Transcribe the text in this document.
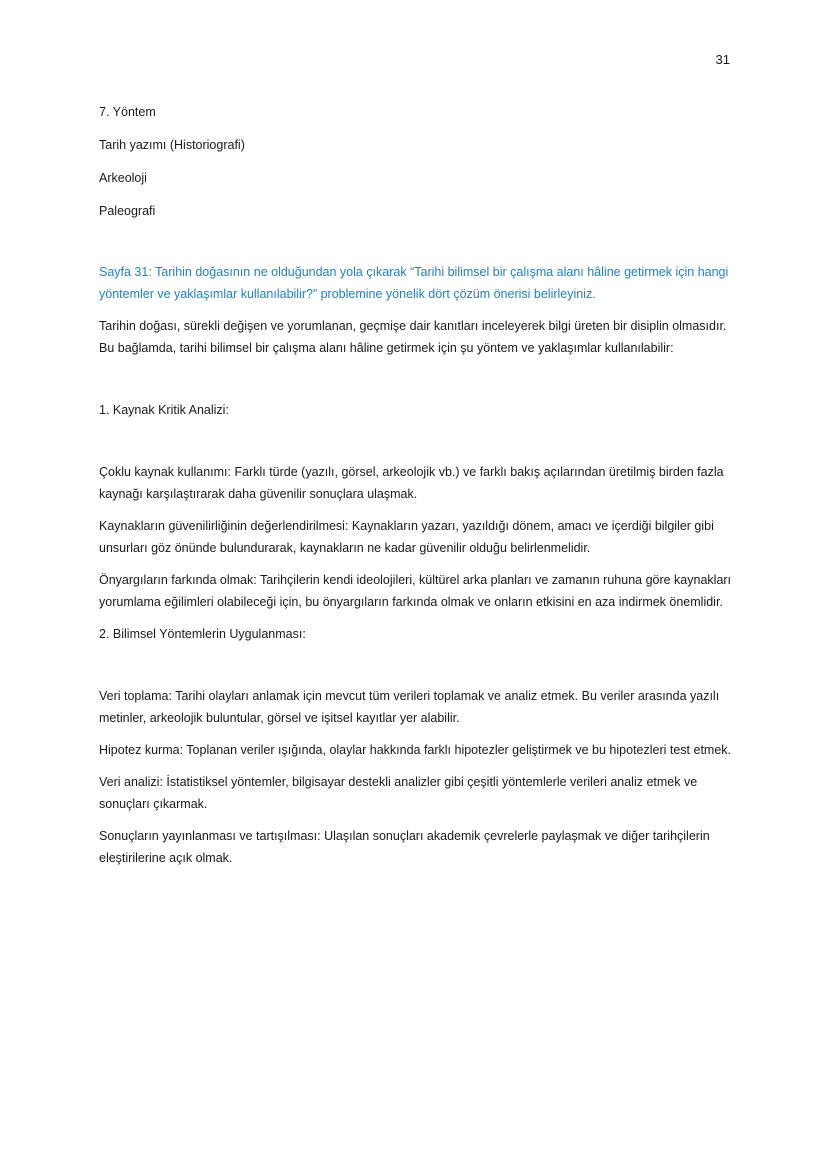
31
7. Yöntem
Tarih yazımı (Historiografi)
Arkeoloji
Paleografi
Sayfa 31: Tarihin doğasının ne olduğundan yola çıkarak “Tarihi bilimsel bir çalışma alanı hâline getirmek için hangi yöntemler ve yaklaşımlar kullanılabilir?” problemine yönelik dört çözüm önerisi belirleyiniz.
Tarihin doğası, sürekli değişen ve yorumlanan, geçmişe dair kanıtları inceleyerek bilgi üreten bir disiplin olmasıdır. Bu bağlamda, tarihi bilimsel bir çalışma alanı hâline getirmek için şu yöntem ve yaklaşımlar kullanılabilir:
1. Kaynak Kritik Analizi:
Çoklu kaynak kullanımı: Farklı türde (yazılı, görsel, arkeolojik vb.) ve farklı bakış açılarından üretilmiş birden fazla kaynağı karşılaştırarak daha güvenilir sonuçlara ulaşmak.
Kaynakların güvenilirliğinin değerlendirilmesi: Kaynakların yazarı, yazıldığı dönem, amacı ve içerdiği bilgiler gibi unsurları göz önünde bulundurarak, kaynakların ne kadar güvenilir olduğu belirlenmelidir.
Önyargıların farkında olmak: Tarihçilerin kendi ideolojileri, kültürel arka planları ve zamanın ruhuna göre kaynakları yorumlama eğilimleri olabileceği için, bu önyargıların farkında olmak ve onların etkisini en aza indirmek önemlidir.
2. Bilimsel Yöntemlerin Uygulanması:
Veri toplama: Tarihi olayları anlamak için mevcut tüm verileri toplamak ve analiz etmek. Bu veriler arasında yazılı metinler, arkeolojik buluntular, görsel ve işitsel kayıtlar yer alabilir.
Hipotez kurma: Toplanan veriler ışığında, olaylar hakkında farklı hipotezler geliştirmek ve bu hipotezleri test etmek.
Veri analizi: İstatistiksel yöntemler, bilgisayar destekli analizler gibi çeşitli yöntemlerle verileri analiz etmek ve sonuçları çıkarmak.
Sonuçların yayınlanması ve tartışılması: Ulaşılan sonuçları akademik çevrelerle paylaşmak ve diğer tarihçilerin eleştirilerine açık olmak.
